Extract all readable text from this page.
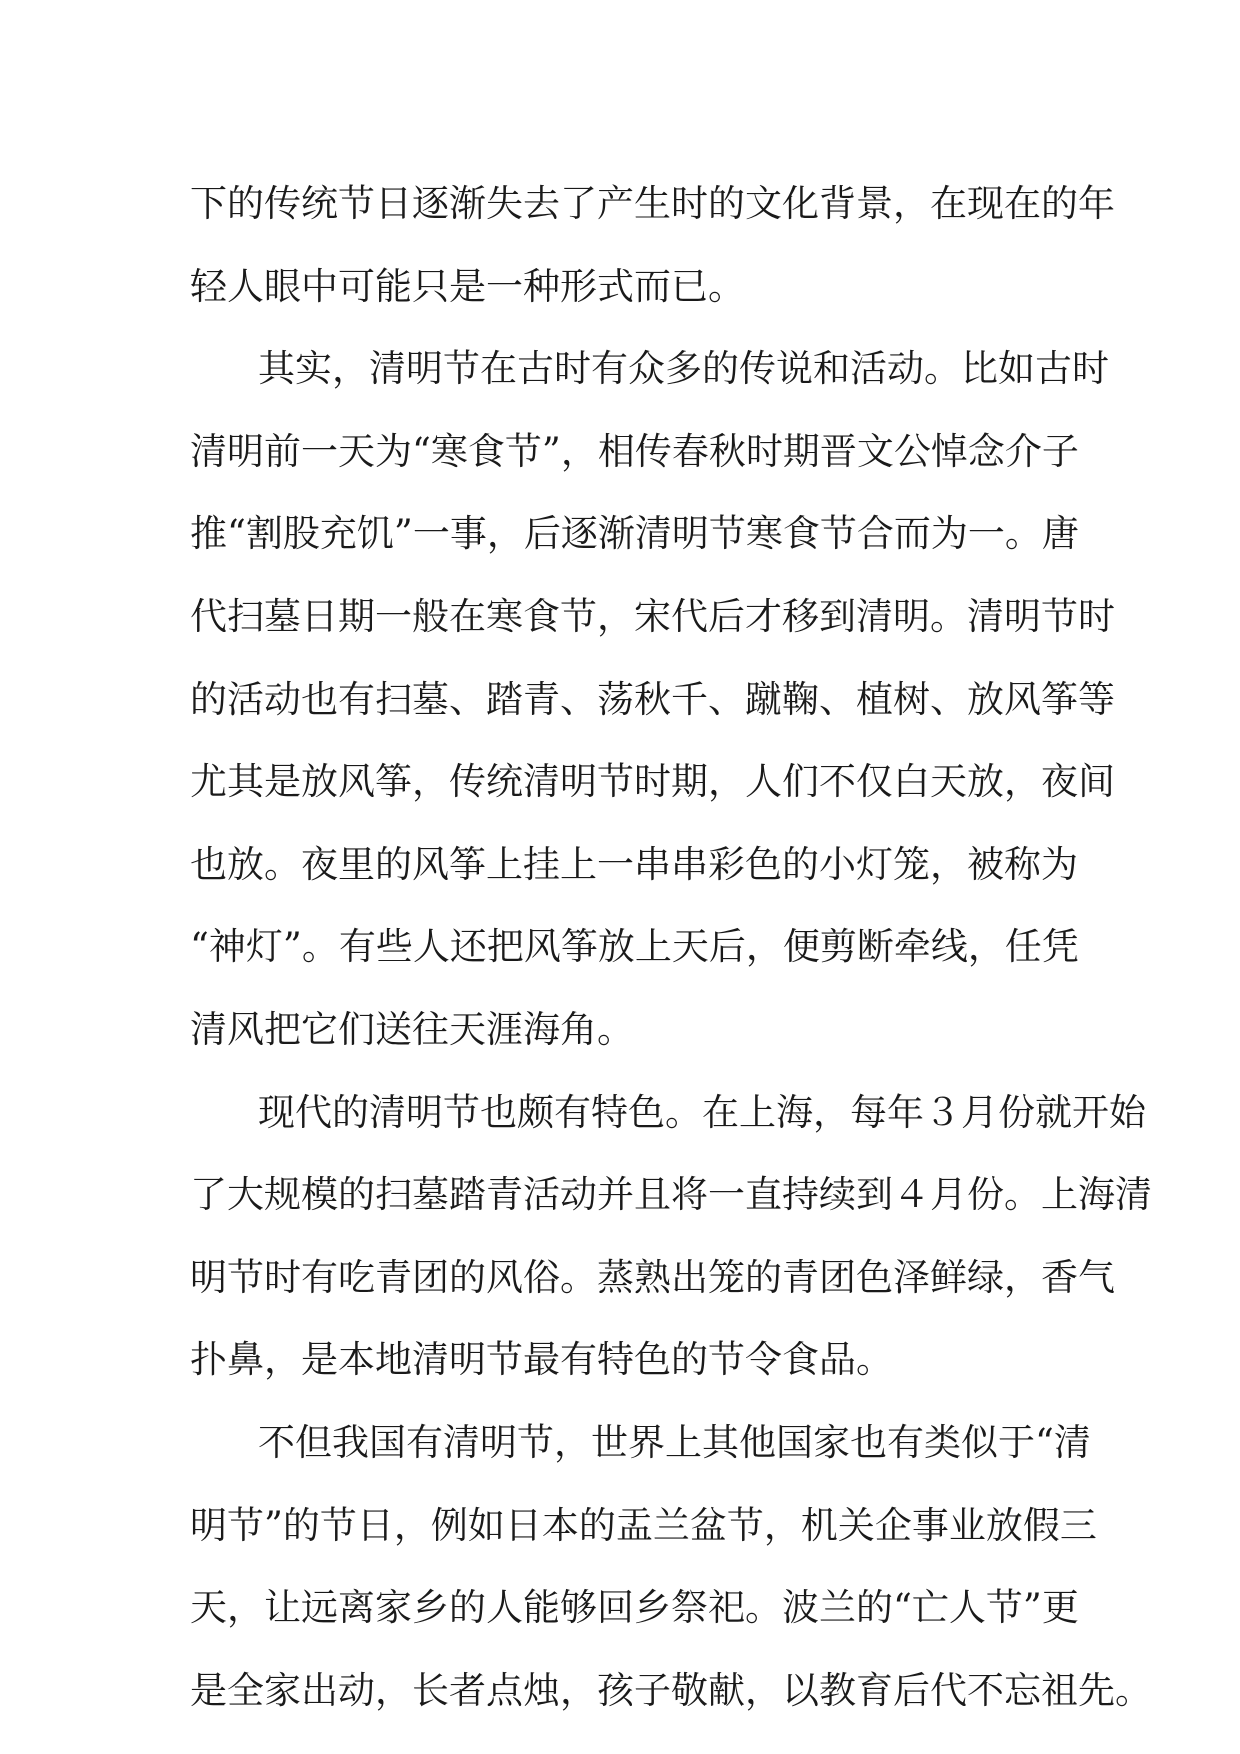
下的传统节日逐渐失去了产生时的文化背景，在现在的年
轻人眼中可能只是一种形式而已。
其实，清明节在古时有众多的传说和活动。比如古时
清明前一天为“寒食节”，相传春秋时期晋文公悼念介子
推“割股充饥”一事，后逐渐清明节寒食节合而为一。唐
代扫墓日期一般在寒食节，宋代后才移到清明。清明节时
的活动也有扫墓、踏青、荡秋千、蹴鞠、植树、放风筝等
尤其是放风筝，传统清明节时期，人们不仅白天放，夜间
也放。夜里的风筝上挂上一串串彩色的小灯笼，被称为
“神灯”。有些人还把风筝放上天后，便剪断牵线，任凭
清风把它们送往天涯海角。
现代的清明节也颇有特色。在上海，每年３月份就开始
了大规模的扫墓踏青活动并且将一直持续到４月份。上海清
明节时有吃青团的风俗。蒸熟出笼的青团色泽鲜绿，香气
扑鼻，是本地清明节最有特色的节令食品。
不但我国有清明节，世界上其他国家也有类似于“清
明节”的节日，例如日本的盂兰盆节，机关企事业放假三
天，让远离家乡的人能够回乡祭祀。波兰的“亡人节”更
是全家出动，长者点烛，孩子敬献，以教育后代不忘祖先。
